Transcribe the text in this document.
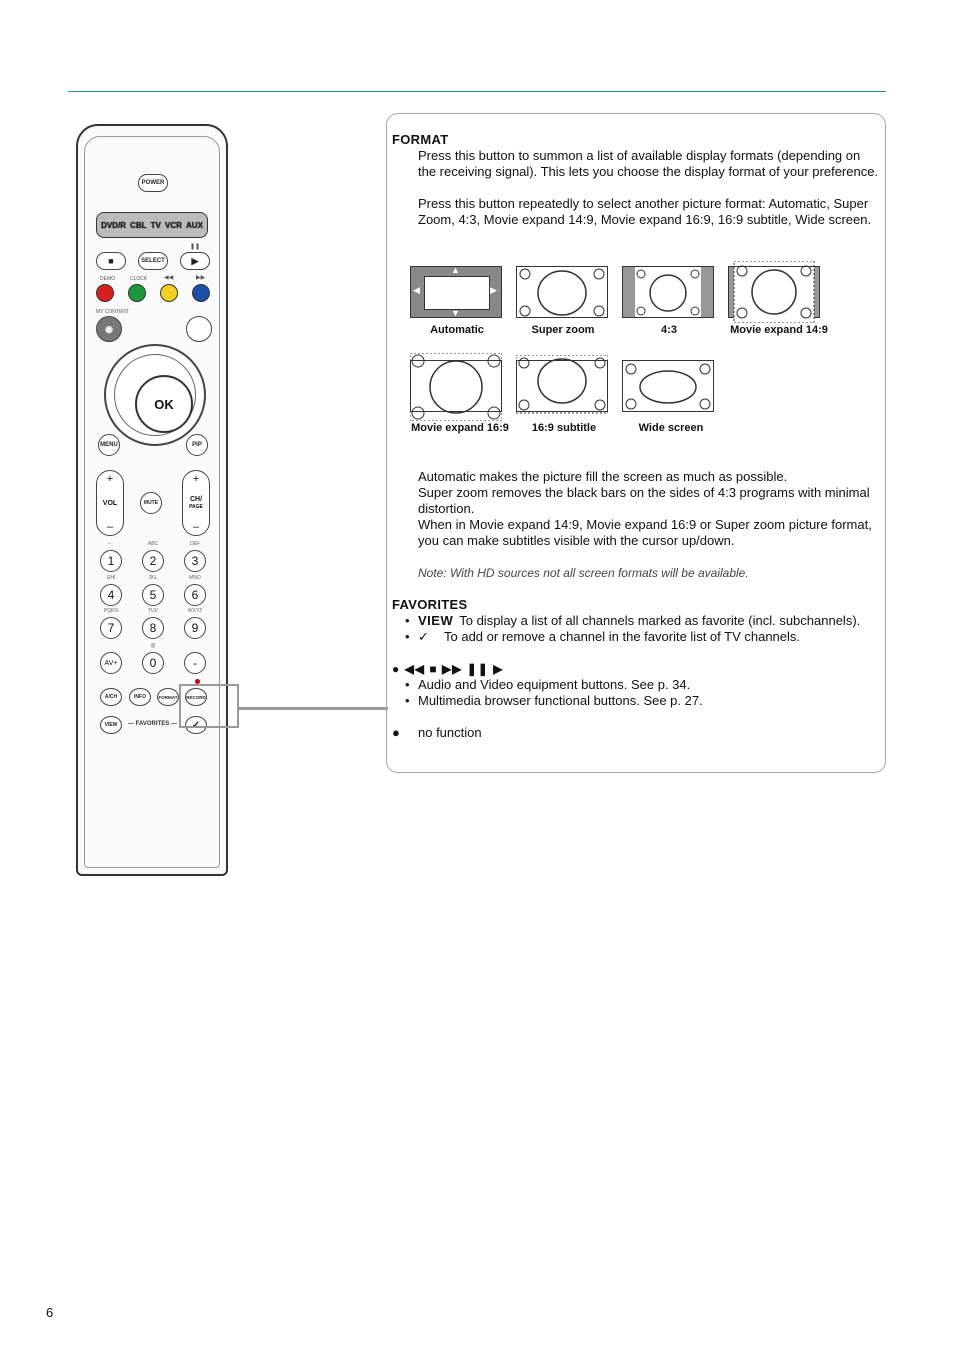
POWER
DVD/R CBL TV VCR AUX
■	SELECT	▶
❚❚
DEMO	CLOCK	◀◀	▶▶
MY CONTENT
◉
OK
MENU	PIP
+
VOL
–
MUTE
+
CH/
PAGE
–
– ·
1
ABC
2
DEF
3
GHI
4
JKL
5
MNO
6
PQRS
7
TUV
8
WXYZ
9
AV+
@
0	-
A/CH	INFO	FORMAT	RECORD
VIEW	— FAVORITES —	✓
FORMAT
Press this button to summon a list of available display formats (depending on the receiving signal). This lets you choose the display format of your preference.
Press this button repeatedly to select another picture format: Automatic, Super Zoom, 4:3, Movie expand 14:9, Movie expand 16:9, 16:9 subtitle, Wide screen.
▲
▼
◀	▶
Automatic	Super zoom	4:3	Movie expand 14:9
Movie expand 16:9	16:9 subtitle	Wide screen
Automatic makes the picture fill the screen as much as possible.
Super zoom removes the black bars on the sides of 4:3 programs with minimal distortion.
When in Movie expand 14:9, Movie expand 16:9 or Super zoom picture format, you can make subtitles visible with the cursor up/down.
Note: With HD sources not all screen formats will be available.
FAVORITES
• VIEW To display a list of all channels marked as favorite (incl. subchannels).
• ✓ To add or remove a channel in the favorite list of TV channels.
● ◀◀ ■ ▶▶ ❚❚ ▶
• Audio and Video equipment buttons. See p. 34.
• Multimedia browser functional buttons. See p. 27.
● no function
6
